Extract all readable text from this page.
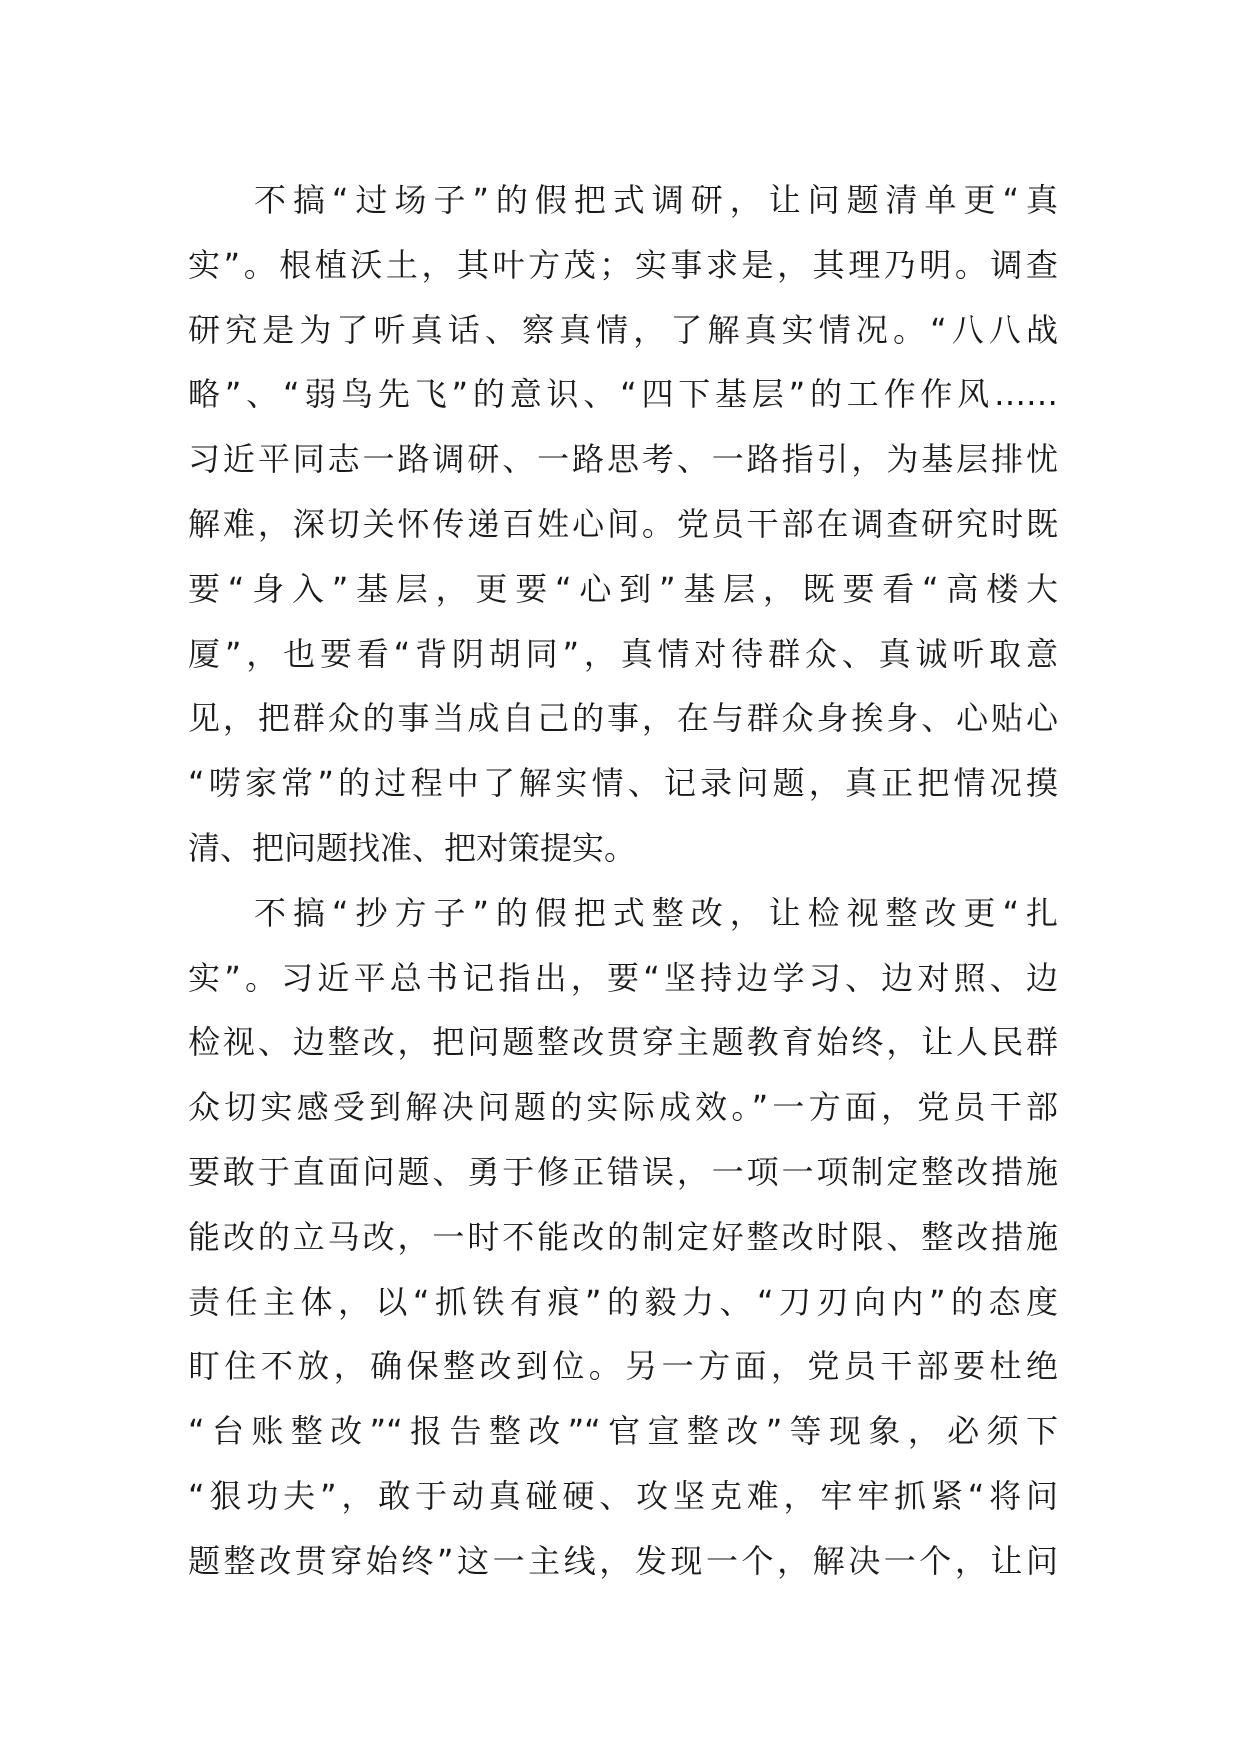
不搞“过场子”的假把式调研，让问题清单更“真
实”。根植沃土，其叶方茂；实事求是，其理乃明。调查
研究是为了听真话、察真情，了解真实情况。“八八战
略”、“弱鸟先飞”的意识、“四下基层”的工作作风……
习近平同志一路调研、一路思考、一路指引，为基层排忧
解难，深切关怀传递百姓心间。党员干部在调查研究时既
要“身入”基层，更要“心到”基层，既要看“高楼大
厦”，也要看“背阴胡同”，真情对待群众、真诚听取意
见，把群众的事当成自己的事，在与群众身挨身、心贴心
“唠家常”的过程中了解实情、记录问题，真正把情况摸
清、把问题找准、把对策提实。
不搞“抄方子”的假把式整改，让检视整改更“扎
实”。习近平总书记指出，要“坚持边学习、边对照、边
检视、边整改，把问题整改贯穿主题教育始终，让人民群
众切实感受到解决问题的实际成效。”一方面，党员干部
要敢于直面问题、勇于修正错误，一项一项制定整改措施
能改的立马改，一时不能改的制定好整改时限、整改措施
责任主体，以“抓铁有痕”的毅力、“刀刃向内”的态度
盯住不放，确保整改到位。另一方面，党员干部要杜绝
“台账整改”“报告整改”“官宣整改”等现象，必须下
“狠功夫”，敢于动真碰硬、攻坚克难，牢牢抓紧“将问
题整改贯穿始终”这一主线，发现一个，解决一个，让问
